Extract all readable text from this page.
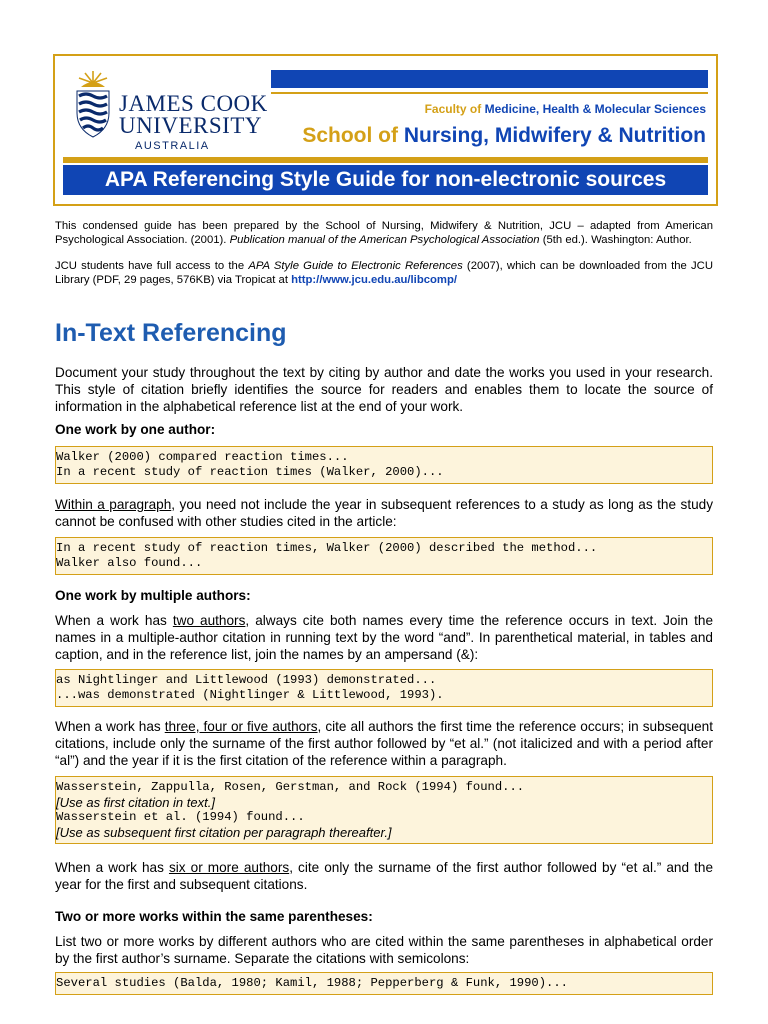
JAMES COOK
UNIVERSITY
AUSTRALIA
Faculty of Medicine, Health & Molecular Sciences
School of Nursing, Midwifery & Nutrition
APA Referencing Style Guide for non-electronic sources
This condensed guide has been prepared by the School of Nursing, Midwifery & Nutrition, JCU – adapted from American Psychological Association. (2001). Publication manual of the American Psychological Association (5th ed.). Washington: Author.
JCU students have full access to the APA Style Guide to Electronic References (2007), which can be downloaded from the JCU Library (PDF, 29 pages, 576KB) via Tropicat at http://www.jcu.edu.au/libcomp/
In-Text Referencing
Document your study throughout the text by citing by author and date the works you used in your research. This style of citation briefly identifies the source for readers and enables them to locate the source of information in the alphabetical reference list at the end of your work.
One work by one author:
Walker (2000) compared reaction times...
In a recent study of reaction times (Walker, 2000)...
Within a paragraph, you need not include the year in subsequent references to a study as long as the study cannot be confused with other studies cited in the article:
In a recent study of reaction times, Walker (2000) described the method...
Walker also found...
One work by multiple authors:
When a work has two authors, always cite both names every time the reference occurs in text. Join the names in a multiple-author citation in running text by the word “and”. In parenthetical material, in tables and caption, and in the reference list, join the names by an ampersand (&):
as Nightlinger and Littlewood (1993) demonstrated...
...was demonstrated (Nightlinger & Littlewood, 1993).
When a work has three, four or five authors, cite all authors the first time the reference occurs; in subsequent citations, include only the surname of the first author followed by “et al.” (not italicized and with a period after “al”) and the year if it is the first citation of the reference within a paragraph.
Wasserstein, Zappulla, Rosen, Gerstman, and Rock (1994) found...
[Use as first citation in text.]
Wasserstein et al. (1994) found...
[Use as subsequent first citation per paragraph thereafter.]
When a work has six or more authors, cite only the surname of the first author followed by “et al.” and the year for the first and subsequent citations.
Two or more works within the same parentheses:
List two or more works by different authors who are cited within the same parentheses in alphabetical order by the first author’s surname. Separate the citations with semicolons:
Several studies (Balda, 1980; Kamil, 1988; Pepperberg & Funk, 1990)...
